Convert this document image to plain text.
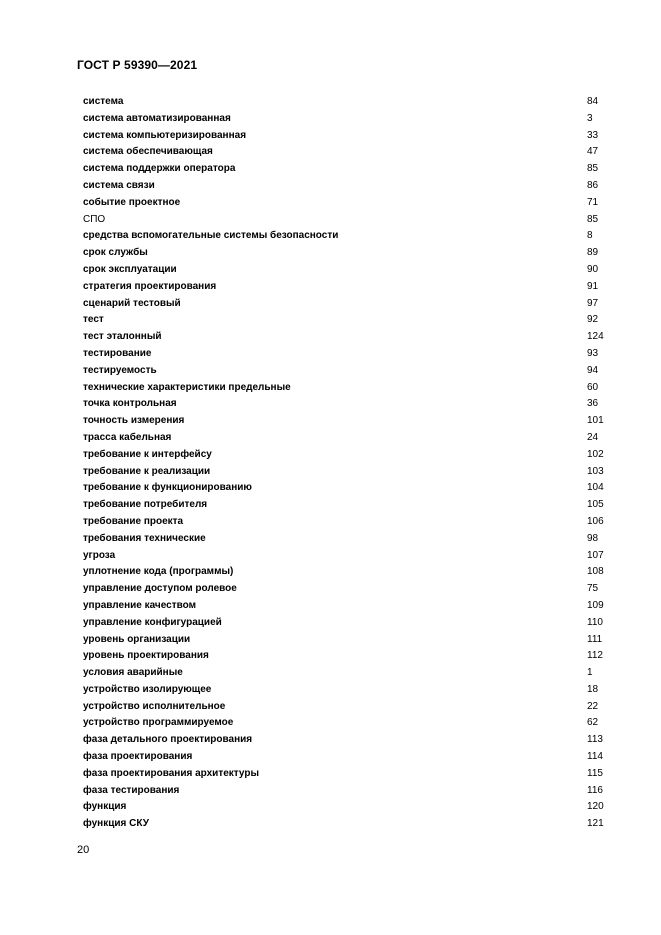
ГОСТ Р 59390—2021
система	84
система автоматизированная	3
система компьютеризированная	33
система обеспечивающая	47
система поддержки оператора	85
система связи	86
событие проектное	71
СПО	85
средства вспомогательные системы безопасности	8
срок службы	89
срок эксплуатации	90
стратегия проектирования	91
сценарий тестовый	97
тест	92
тест эталонный	124
тестирование	93
тестируемость	94
технические характеристики предельные	60
точка контрольная	36
точность измерения	101
трасса кабельная	24
требование к интерфейсу	102
требование к реализации	103
требование к функционированию	104
требование потребителя	105
требование проекта	106
требования технические	98
угроза	107
уплотнение кода (программы)	108
управление доступом ролевое	75
управление качеством	109
управление конфигурацией	110
уровень организации	111
уровень проектирования	112
условия аварийные	1
устройство изолирующее	18
устройство исполнительное	22
устройство программируемое	62
фаза детального проектирования	113
фаза проектирования	114
фаза проектирования архитектуры	115
фаза тестирования	116
функция	120
функция СКУ	121
20
